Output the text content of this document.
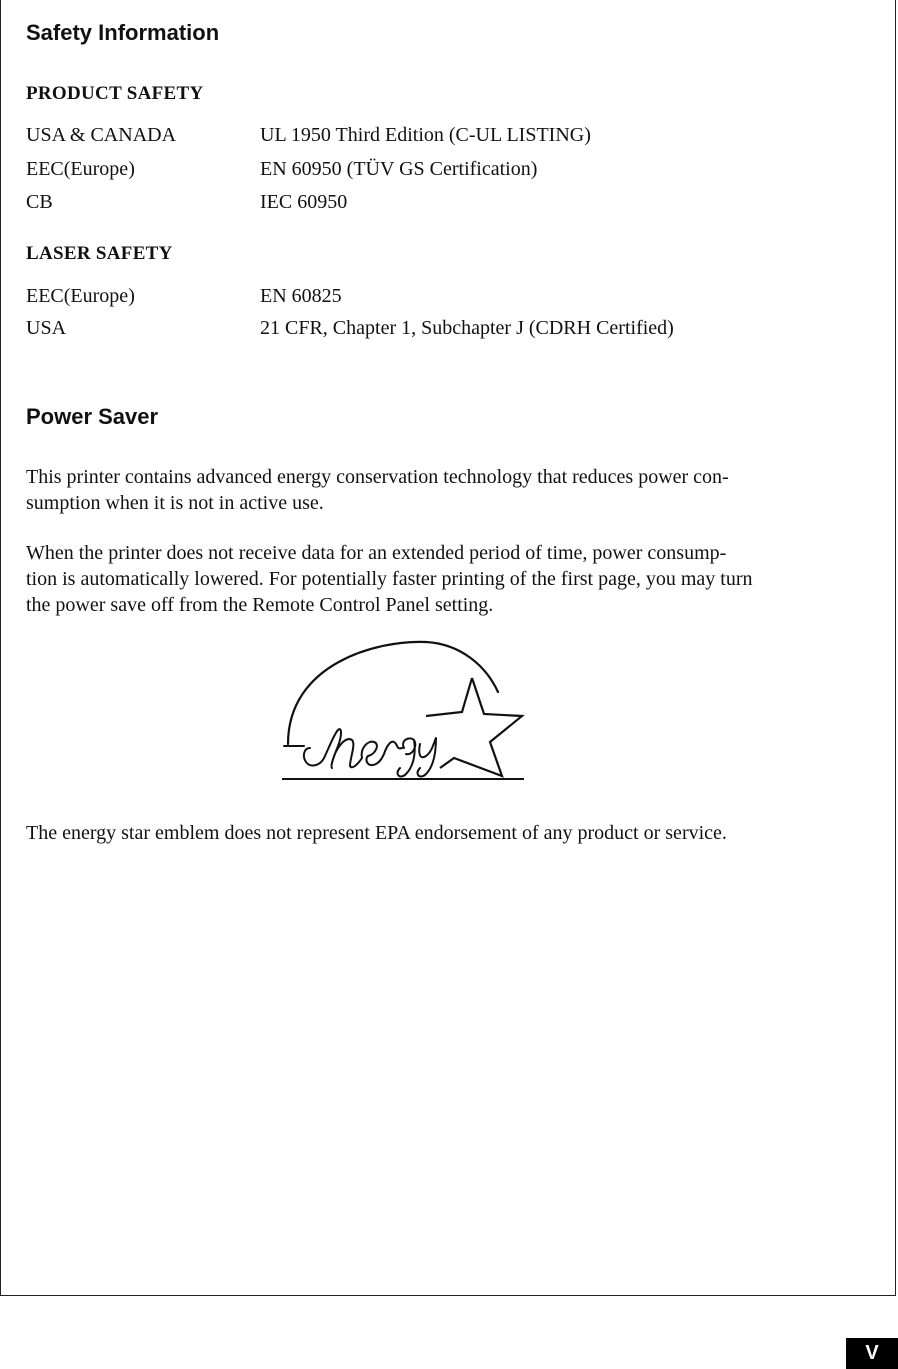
Safety Information
PRODUCT SAFETY
USA & CANADA	UL 1950 Third Edition (C-UL LISTING)
EEC(Europe)	EN 60950 (TÜV GS Certification)
CB	IEC 60950
LASER SAFETY
EEC(Europe)	EN 60825
USA	21 CFR, Chapter 1, Subchapter J (CDRH Certified)
Power Saver

This printer contains advanced energy conservation technology that reduces power con-
sumption when it is not in active use.

When the printer does not receive data for an extended period of time, power consump-
tion is automatically lowered. For potentially faster printing of the first page, you may turn
the power save off from the Remote Control Panel setting.

The energy star emblem does not represent EPA endorsement of any product or service.

V
